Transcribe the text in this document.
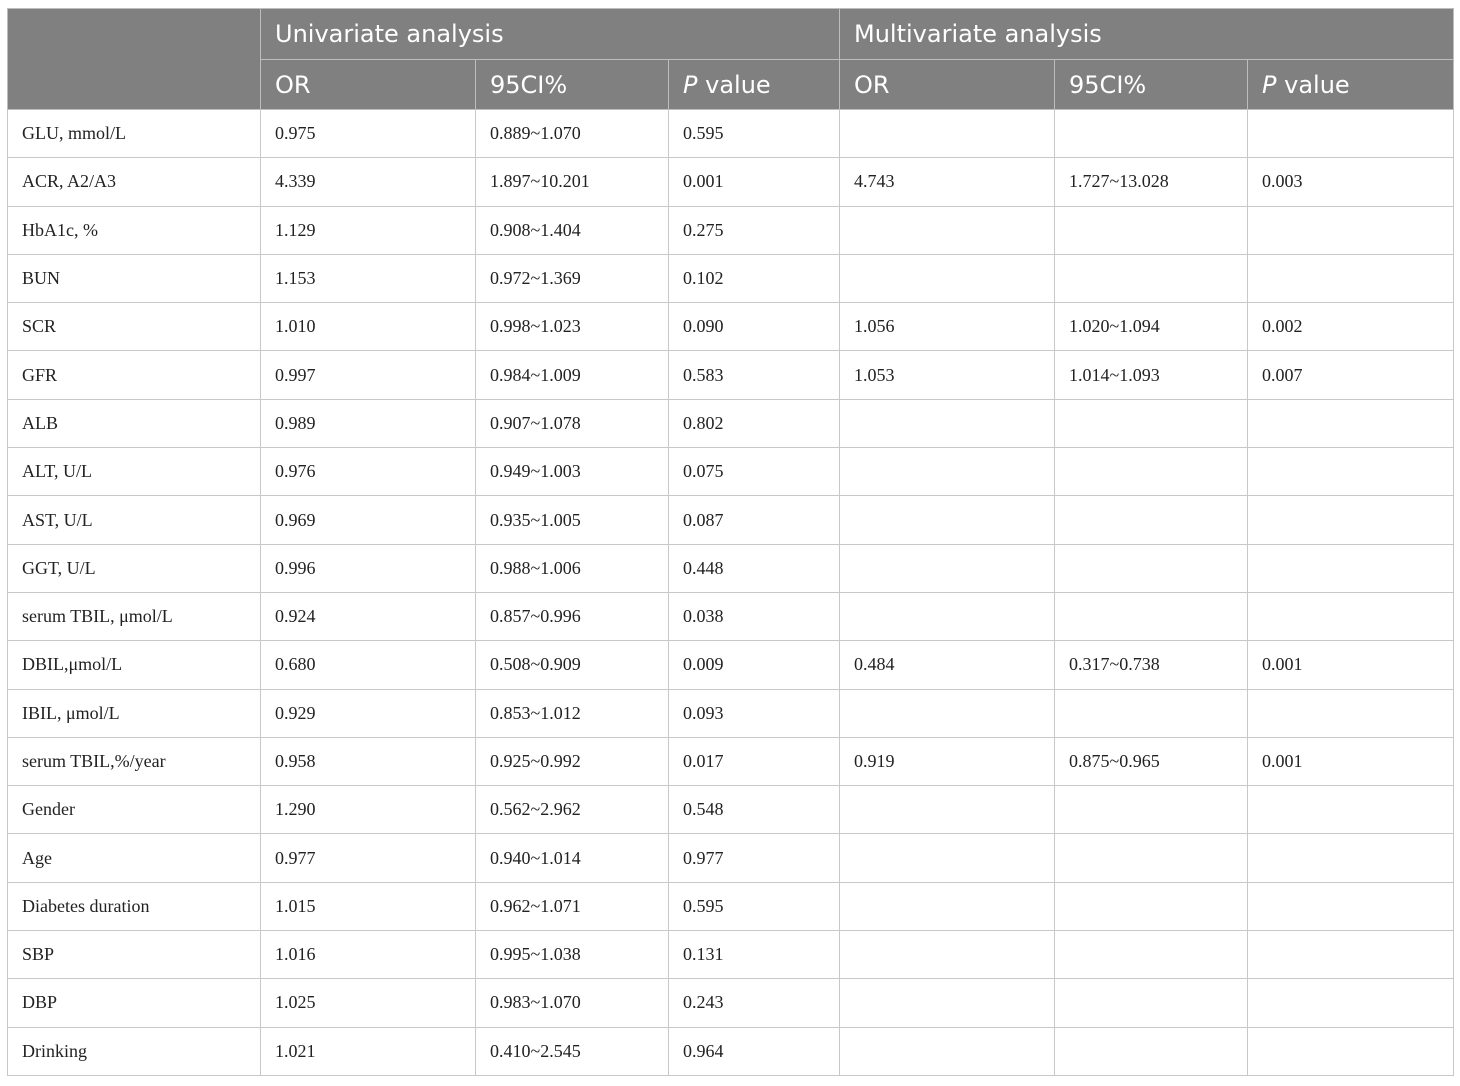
	Univariate analysis			Multivariate analysis		
	OR	95CI%	P value	OR	95CI%	P value
GLU, mmol/L	0.975	0.889~1.070	0.595			
ACR, A2/A3	4.339	1.897~10.201	0.001	4.743	1.727~13.028	0.003
HbA1c, %	1.129	0.908~1.404	0.275			
BUN	1.153	0.972~1.369	0.102			
SCR	1.010	0.998~1.023	0.090	1.056	1.020~1.094	0.002
GFR	0.997	0.984~1.009	0.583	1.053	1.014~1.093	0.007
ALB	0.989	0.907~1.078	0.802			
ALT, U/L	0.976	0.949~1.003	0.075			
AST, U/L	0.969	0.935~1.005	0.087			
GGT, U/L	0.996	0.988~1.006	0.448			
serum TBIL, μmol/L	0.924	0.857~0.996	0.038			
DBIL,μmol/L	0.680	0.508~0.909	0.009	0.484	0.317~0.738	0.001
IBIL, μmol/L	0.929	0.853~1.012	0.093			
serum TBIL,%/year	0.958	0.925~0.992	0.017	0.919	0.875~0.965	0.001
Gender	1.290	0.562~2.962	0.548			
Age	0.977	0.940~1.014	0.977			
Diabetes duration	1.015	0.962~1.071	0.595			
SBP	1.016	0.995~1.038	0.131			
DBP	1.025	0.983~1.070	0.243			
Drinking	1.021	0.410~2.545	0.964			
